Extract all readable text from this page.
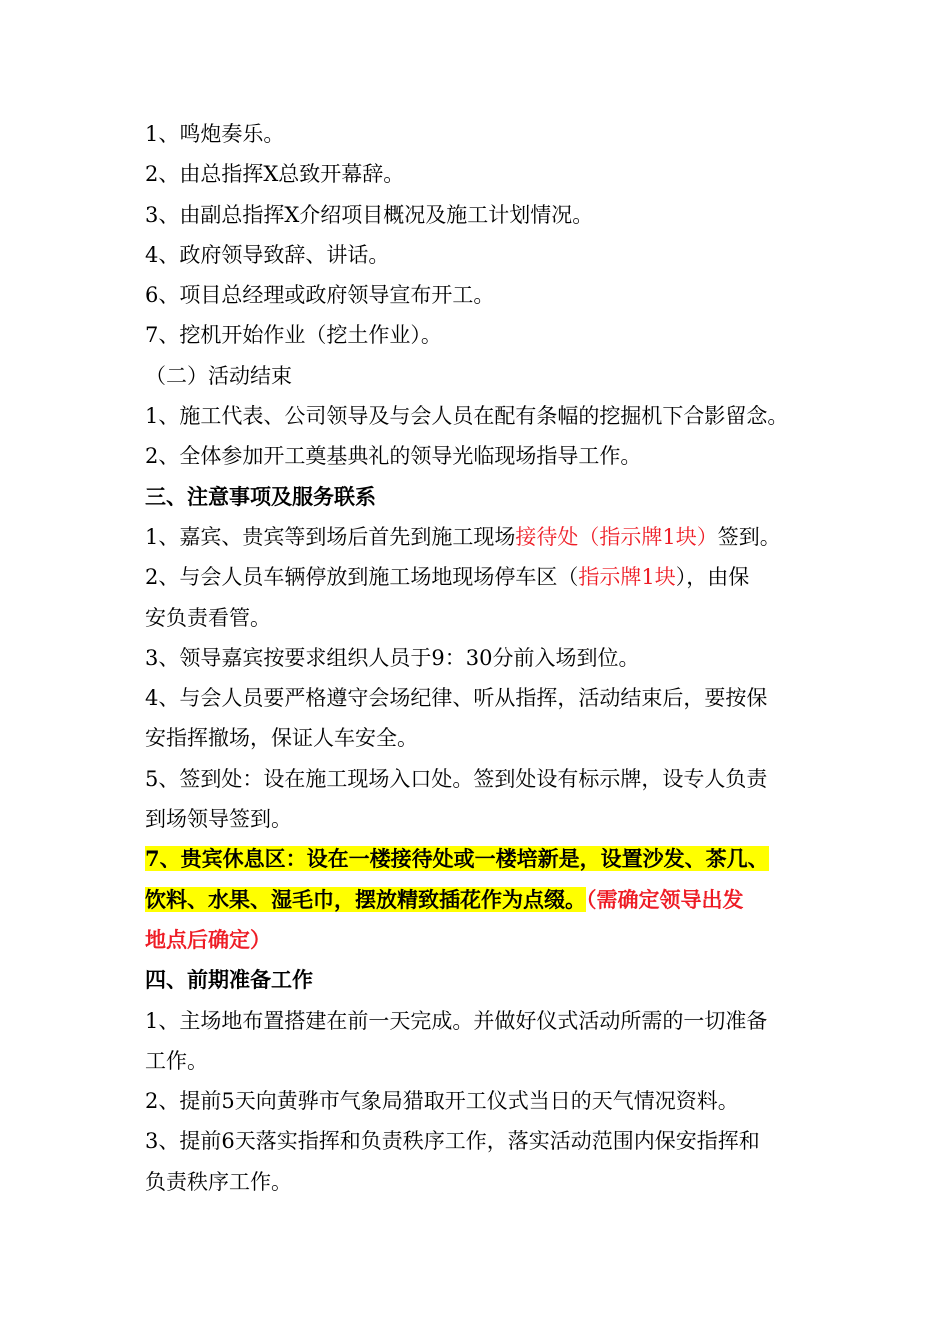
1、鸣炮奏乐。
2、由总指挥X总致开幕辞。
3、由副总指挥X介绍项目概况及施工计划情况。
4、政府领导致辞、讲话。
6、项目总经理或政府领导宣布开工。
7、挖机开始作业（挖土作业）。
（二）活动结束
1、施工代表、公司领导及与会人员在配有条幅的挖掘机下合影留念。
2、全体参加开工奠基典礼的领导光临现场指导工作。
三、注意事项及服务联系
1、嘉宾、贵宾等到场后首先到施工现场接待处（指示牌1块）签到。
2、与会人员车辆停放到施工场地现场停车区（指示牌1块），由保
安负责看管。
3、领导嘉宾按要求组织人员于9：30分前入场到位。
4、与会人员要严格遵守会场纪律、听从指挥，活动结束后，要按保
安指挥撤场，保证人车安全。
5、签到处：设在施工现场入口处。签到处设有标示牌，设专人负责
到场领导签到。
7、贵宾休息区：设在一楼接待处或一楼培新是，设置沙发、茶几、
饮料、水果、湿毛巾，摆放精致插花作为点缀。（需确定领导出发
地点后确定）
四、前期准备工作
1、主场地布置搭建在前一天完成。并做好仪式活动所需的一切准备
工作。
2、提前5天向黄骅市气象局猎取开工仪式当日的天气情况资料。
3、提前6天落实指挥和负责秩序工作，落实活动范围内保安指挥和
负责秩序工作。
